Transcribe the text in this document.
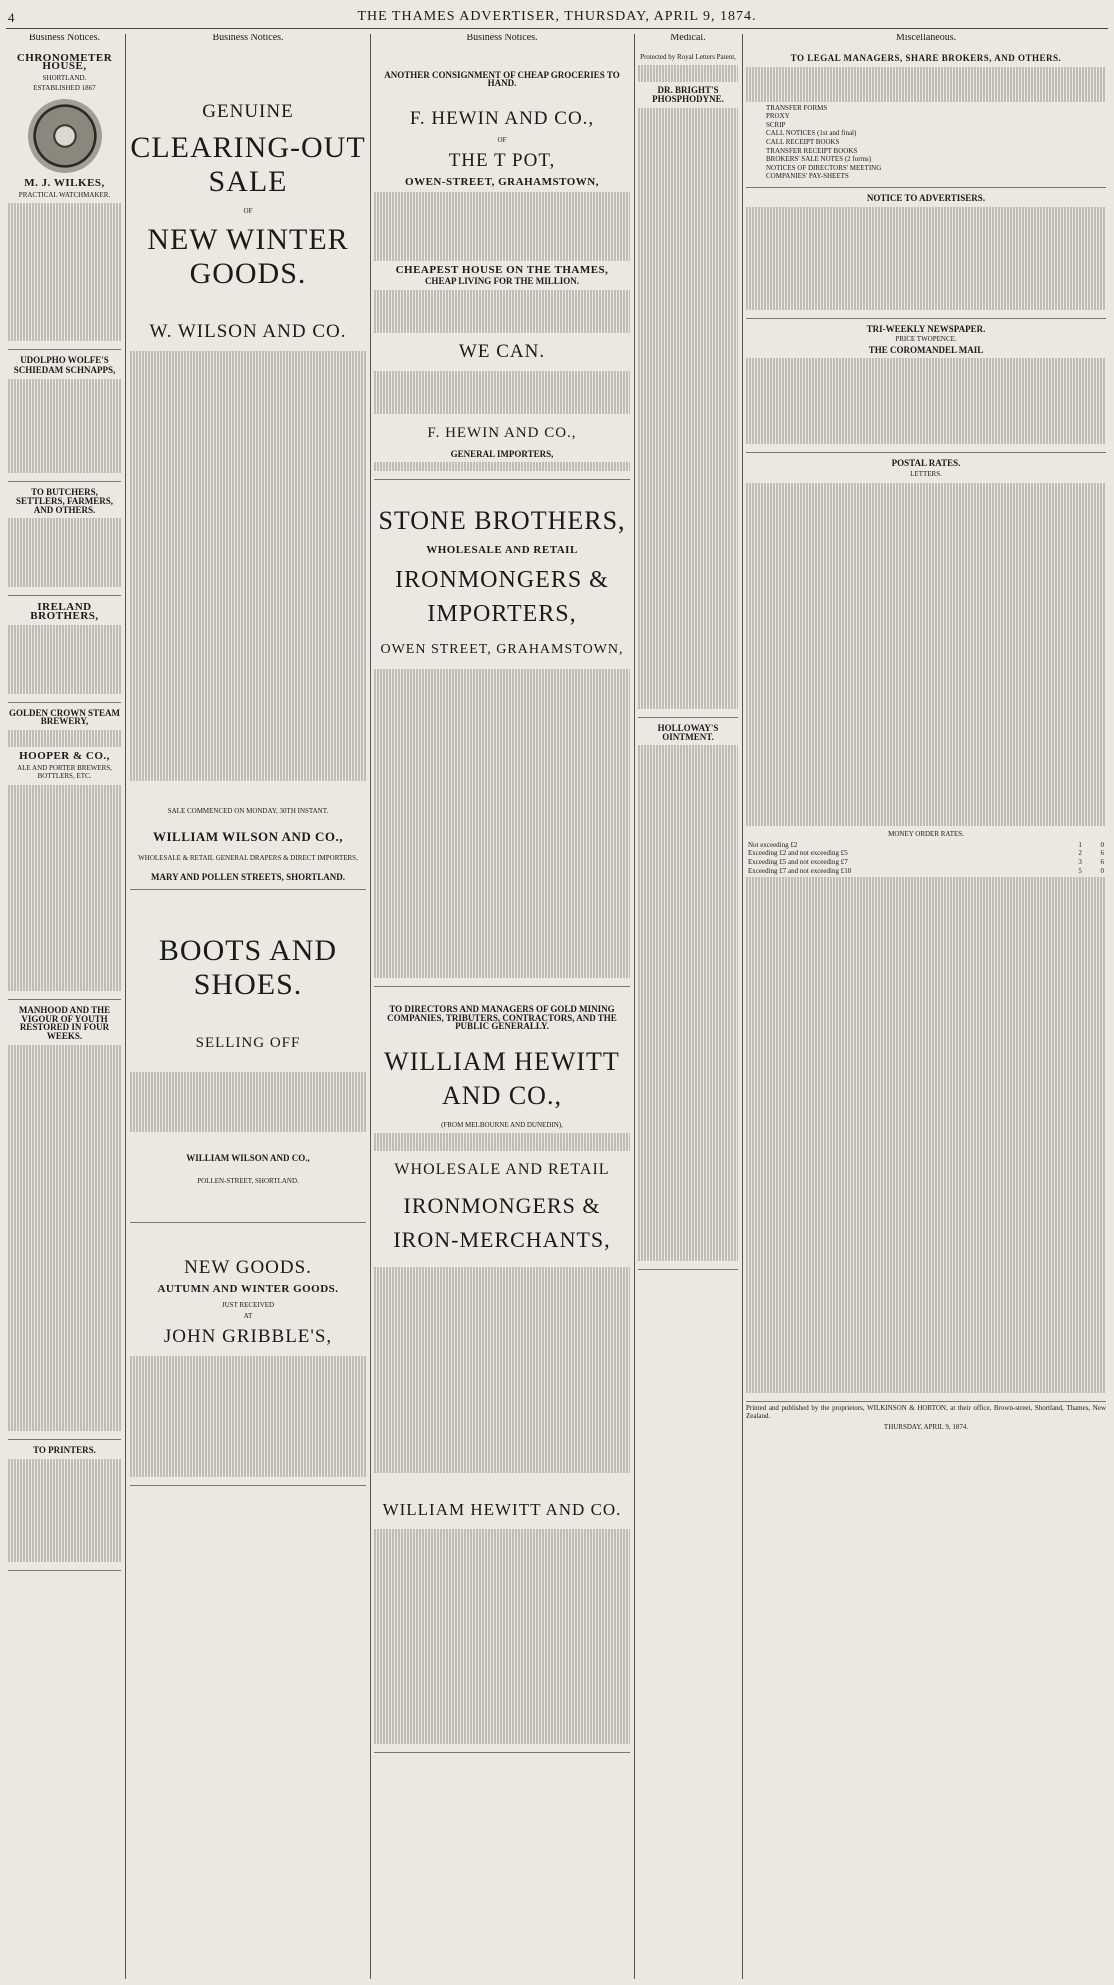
4	THE THAMES ADVERTISER, THURSDAY, APRIL 9, 1874.
Business Notices.
CHRONOMETER HOUSE,
SHORTLAND.
ESTABLISHED 1867
M. J. WILKES,
PRACTICAL WATCHMAKER.
UDOLPHO WOLFE'S
SCHIEDAM SCHNAPPS,
TO BUTCHERS, SETTLERS, FARMERS, AND OTHERS.
IRELAND BROTHERS,
GOLDEN CROWN STEAM BREWERY,
HOOPER & CO.,
ALE AND PORTER BREWERS, BOTTLERS, ETC.
MANHOOD AND THE VIGOUR OF YOUTH RESTORED IN FOUR WEEKS.
TO PRINTERS.
Business Notices.
GENUINE
CLEARING-OUT SALE
OF
NEW WINTER GOODS.
W. WILSON AND CO.
SALE COMMENCED ON MONDAY, 30TH INSTANT.
WILLIAM WILSON AND CO.,
WHOLESALE & RETAIL GENERAL DRAPERS & DIRECT IMPORTERS,
MARY AND POLLEN STREETS, SHORTLAND.
BOOTS AND SHOES.
SELLING OFF
WILLIAM WILSON AND CO.,
POLLEN-STREET, SHORTLAND.
NEW GOODS.
AUTUMN AND WINTER GOODS.
JUST RECEIVED
AT
JOHN GRIBBLE'S,
Business Notices.
ANOTHER CONSIGNMENT OF CHEAP GROCERIES TO HAND.
F. HEWIN AND CO.,
OF
THE T POT,
OWEN-STREET, GRAHAMSTOWN,
CHEAPEST HOUSE ON THE THAMES,
CHEAP LIVING FOR THE MILLION.
WE CAN.
F. HEWIN AND CO.,
GENERAL IMPORTERS,
STONE BROTHERS,
WHOLESALE AND RETAIL
IRONMONGERS & IMPORTERS,
OWEN STREET, GRAHAMSTOWN,
TO DIRECTORS AND MANAGERS OF GOLD MINING COMPANIES, TRIBUTERS, CONTRACTORS, AND THE PUBLIC GENERALLY.
WILLIAM HEWITT AND CO.,
(FROM MELBOURNE AND DUNEDIN),
WHOLESALE AND RETAIL
IRONMONGERS & IRON-MERCHANTS,
WILLIAM HEWITT AND CO.
Medical.
Protected by Royal Letters Patent,
DR. BRIGHT'S PHOSPHODYNE.
HOLLOWAY'S OINTMENT.
Miscellaneous.
TO LEGAL MANAGERS, SHARE BROKERS, AND OTHERS.
TRANSFER FORMS
PROXY
SCRIP
CALL NOTICES (1st and final)
CALL RECEIPT BOOKS
TRANSFER RECEIPT BOOKS
BROKERS' SALE NOTES (2 forms)
NOTICES OF DIRECTORS' MEETING
COMPANIES' PAY-SHEETS
NOTICE TO ADVERTISERS.
TRI-WEEKLY NEWSPAPER.
PRICE TWOPENCE.
THE COROMANDEL MAIL
POSTAL RATES.
LETTERS.
MONEY ORDER RATES.
Not exceeding £2	1	0
Exceeding £2 and not exceeding £5	2	6
Exceeding £5 and not exceeding £7	3	6
Exceeding £7 and not exceeding £10	5	0
Printed and published by the proprietors, WILKINSON & HORTON, at their office, Brown-street, Shortland, Thames, New Zealand.
THURSDAY, APRIL 9, 1874.
